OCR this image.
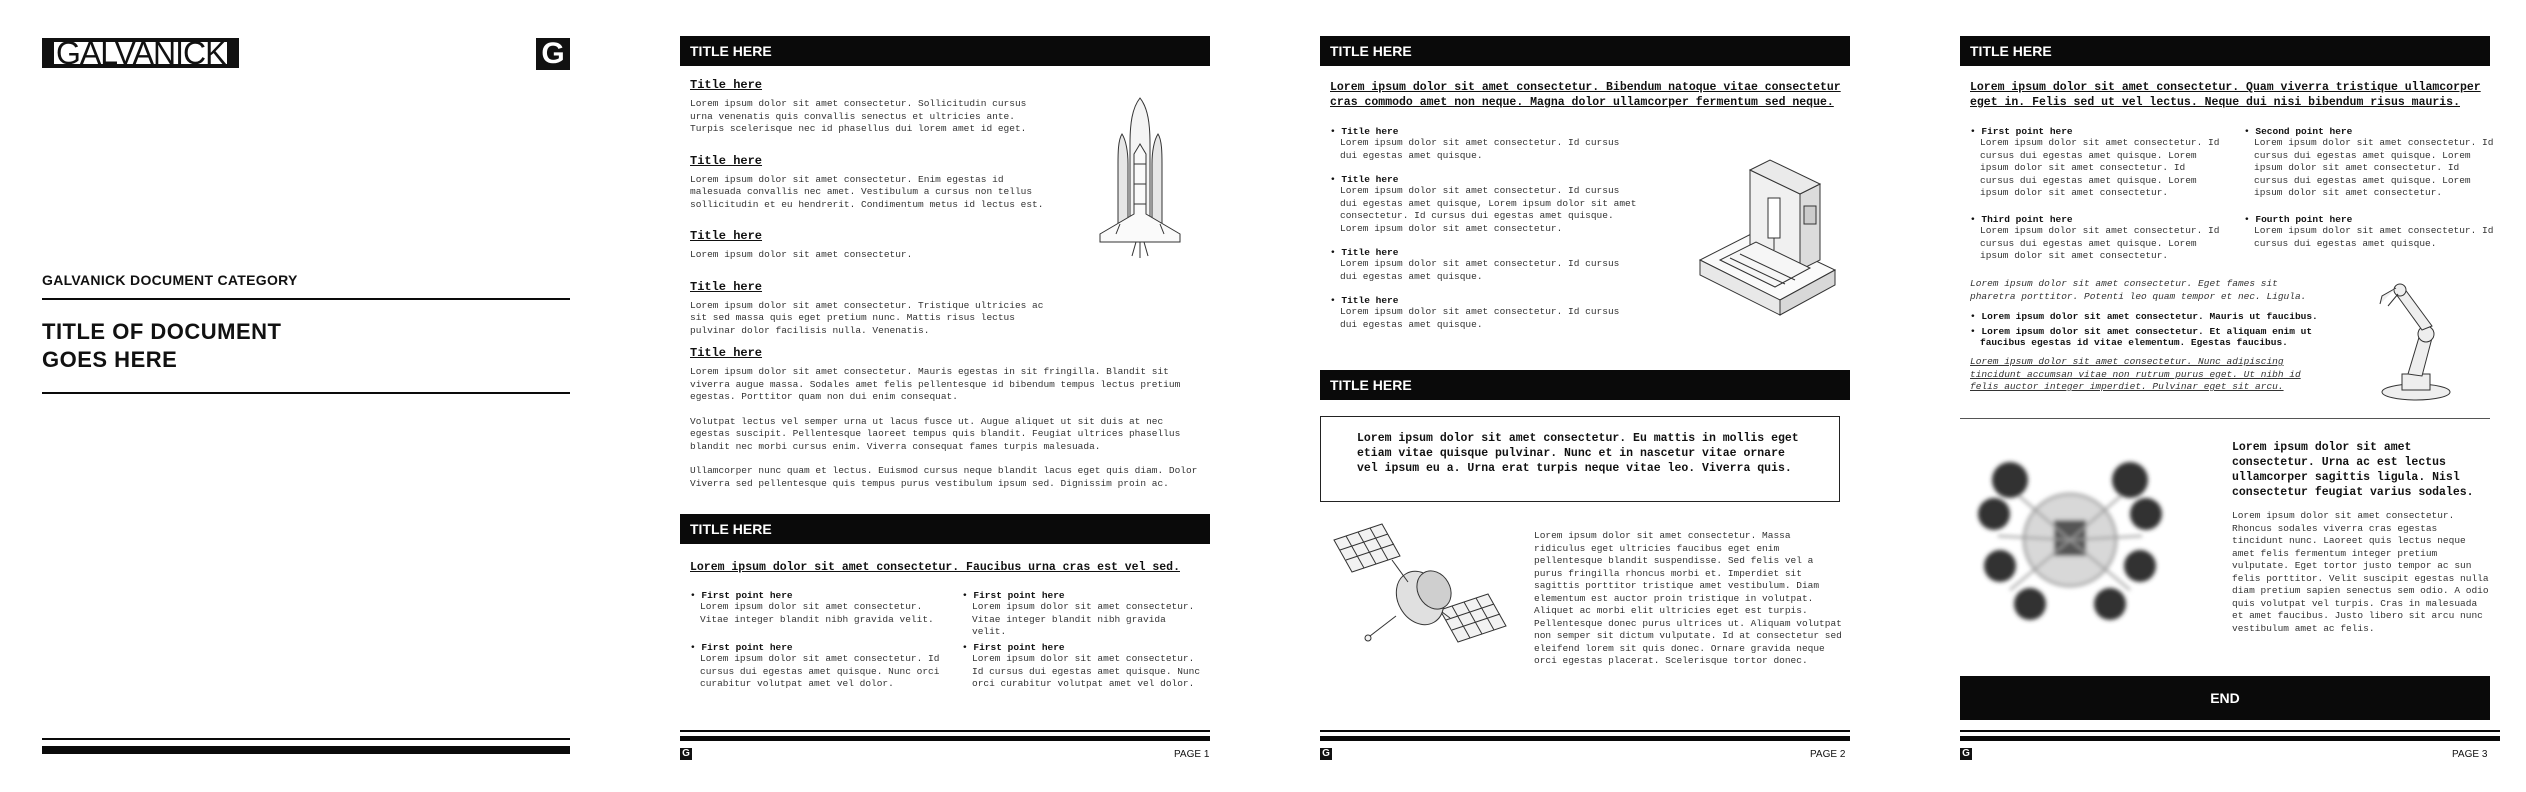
GALVANICK	G
GALVANICK DOCUMENT CATEGORY
TITLE OF DOCUMENT
GOES HERE
TITLE HERE

Title here

Lorem ipsum dolor sit amet consectetur. Sollicitudin cursus urna venenatis quis convallis senectus et ultricies ante. Turpis scelerisque nec id phasellus dui lorem amet id eget.

Title here

Lorem ipsum dolor sit amet consectetur. Enim egestas id malesuada convallis nec amet. Vestibulum a cursus non tellus sollicitudin et eu hendrerit. Condimentum metus id lectus est.

Title here

Lorem ipsum dolor sit amet consectetur.

Title here

Lorem ipsum dolor sit amet consectetur. Tristique ultricies ac sit sed massa quis eget pretium nunc. Mattis risus lectus pulvinar dolor facilisis nulla. Venenatis.

Title here

Lorem ipsum dolor sit amet consectetur. Mauris egestas in sit fringilla. Blandit sit viverra augue massa. Sodales amet felis pellentesque id bibendum tempus lectus pretium egestas. Porttitor quam non dui enim consequat.

Volutpat lectus vel semper urna ut lacus fusce ut. Augue aliquet ut sit duis at nec egestas suscipit. Pellentesque laoreet tempus quis blandit. Feugiat ultrices phasellus blandit nec morbi cursus enim. Viverra consequat fames turpis malesuada.

Ullamcorper nunc quam et lectus. Euismod cursus neque blandit lacus eget quis diam. Dolor Viverra sed pellentesque quis tempus purus vestibulum ipsum sed. Dignissim proin ac.

TITLE HERE

Lorem ipsum dolor sit amet consectetur. Faucibus urna cras est vel sed.

• First point here
Lorem ipsum dolor sit amet consectetur. Vitae integer blandit nibh gravida velit.
• First point here
Lorem ipsum dolor sit amet consectetur. Vitae integer blandit nibh gravida velit.
• First point here
Lorem ipsum dolor sit amet consectetur. Id cursus dui egestas amet quisque. Nunc orci curabitur volutpat amet vel dolor.
• First point here
Lorem ipsum dolor sit amet consectetur. Id cursus dui egestas amet quisque. Nunc orci curabitur volutpat amet vel dolor.
G	PAGE 1
TITLE HERE

Lorem ipsum dolor sit amet consectetur. Bibendum natoque vitae consectetur cras commodo amet non neque. Magna dolor ullamcorper fermentum sed neque.

• Title here
Lorem ipsum dolor sit amet consectetur. Id cursus dui egestas amet quisque.
• Title here
Lorem ipsum dolor sit amet consectetur. Id cursus dui egestas amet quisque, Lorem ipsum dolor sit amet consectetur. Id cursus dui egestas amet quisque. Lorem ipsum dolor sit amet consectetur.
• Title here
Lorem ipsum dolor sit amet consectetur. Id cursus dui egestas amet quisque.
• Title here
Lorem ipsum dolor sit amet consectetur. Id cursus dui egestas amet quisque.
TITLE HERE

Lorem ipsum dolor sit amet consectetur. Eu mattis in mollis eget etiam vitae quisque pulvinar. Nunc et in nascetur vitae ornare vel ipsum eu a. Urna erat turpis neque vitae leo. Viverra quis.

Lorem ipsum dolor sit amet consectetur. Massa ridiculus eget ultricies faucibus eget enim pellentesque blandit suspendisse. Sed felis vel a purus fringilla rhoncus morbi et. Imperdiet sit sagittis porttitor tristique amet vestibulum. Diam elementum est auctor proin tristique in volutpat. Aliquet ac morbi elit ultricies eget est turpis. Pellentesque donec purus ultrices ut. Aliquam volutpat non semper sit dictum vulputate. Id at consectetur sed eleifend lorem sit quis donec. Ornare gravida neque orci egestas placerat. Scelerisque tortor donec.

G	PAGE 2
TITLE HERE

Lorem ipsum dolor sit amet consectetur. Quam viverra tristique ullamcorper eget in. Felis sed ut vel lectus. Neque dui nisi bibendum risus mauris.

• First point here
Lorem ipsum dolor sit amet consectetur. Id cursus dui egestas amet quisque. Lorem ipsum dolor sit amet consectetur. Id cursus dui egestas amet quisque. Lorem ipsum dolor sit amet consectetur.
• Second point here
Lorem ipsum dolor sit amet consectetur. Id cursus dui egestas amet quisque. Lorem ipsum dolor sit amet consectetur. Id cursus dui egestas amet quisque. Lorem ipsum dolor sit amet consectetur.
• Third point here
Lorem ipsum dolor sit amet consectetur. Id cursus dui egestas amet quisque. Lorem ipsum dolor sit amet consectetur.
• Fourth point here
Lorem ipsum dolor sit amet consectetur. Id cursus dui egestas amet quisque.

Lorem ipsum dolor sit amet consectetur. Eget fames sit pharetra porttitor. Potenti leo quam tempor et nec. Ligula.

• Lorem ipsum dolor sit amet consectetur. Mauris ut faucibus.
• Lorem ipsum dolor sit amet consectetur. Et aliquam enim ut faucibus egestas id vitae elementum. Egestas faucibus.

Lorem ipsum dolor sit amet consectetur. Nunc adipiscing tincidunt accumsan vitae non rutrum purus eget. Ut nibh id felis auctor integer imperdiet. Pulvinar eget sit arcu.

Lorem ipsum dolor sit amet consectetur. Urna ac est lectus ullamcorper sagittis ligula. Nisl consectetur feugiat varius sodales.

Lorem ipsum dolor sit amet consectetur. Rhoncus sodales viverra cras egestas tincidunt nunc. Laoreet quis lectus neque amet felis fermentum integer pretium vulputate. Eget tortor justo tempor ac sun felis porttitor. Velit suscipit egestas nulla diam pretium sapien senectus sem odio. A odio quis volutpat vel turpis. Cras in malesuada et amet faucibus. Justo libero sit arcu nunc vestibulum amet ac felis.

END
G	PAGE 3
